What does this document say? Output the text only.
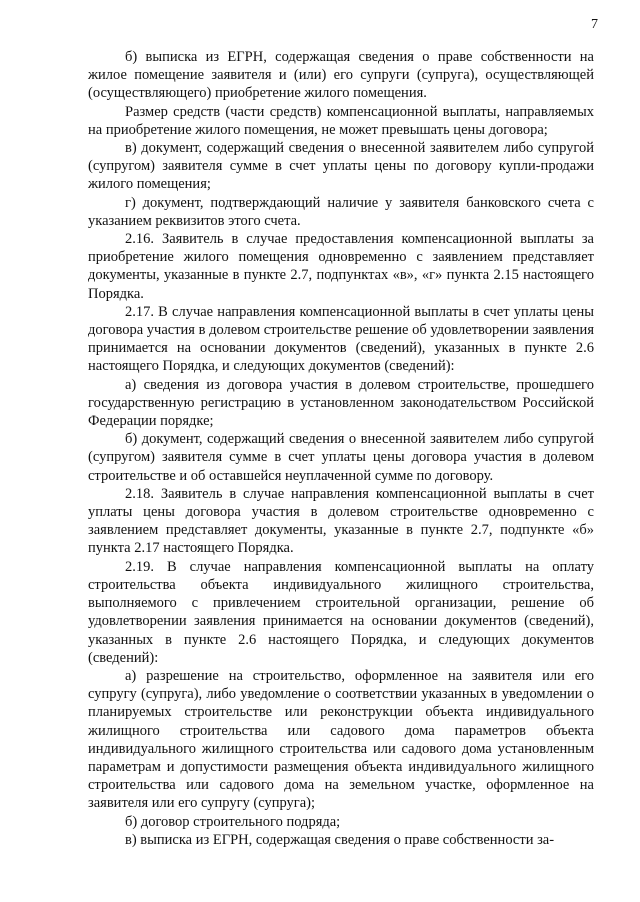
7

б) выписка из ЕГРН, содержащая сведения о праве собственности на жилое помещение заявителя и (или) его супруги (супруга), осуществляющей (осуществляющего) приобретение жилого помещения.

Размер средств (части средств) компенсационной выплаты, направляемых на приобретение жилого помещения, не может превышать цены договора;

в) документ, содержащий сведения о внесенной заявителем либо супругой (супругом) заявителя сумме в счет уплаты цены по договору купли-продажи жилого помещения;

г) документ, подтверждающий наличие у заявителя банковского счета с указанием реквизитов этого счета.

2.16. Заявитель в случае предоставления компенсационной выплаты за приобретение жилого помещения одновременно с заявлением представляет документы, указанные в пункте 2.7, подпунктах «в», «г» пункта 2.15 настоящего Порядка.

2.17. В случае направления компенсационной выплаты в счет уплаты цены договора участия в долевом строительстве решение об удовлетворении заявления принимается на основании документов (сведений), указанных в пункте 2.6 настоящего Порядка, и следующих документов (сведений):

а) сведения из договора участия в долевом строительстве, прошедшего государственную регистрацию в установленном законодательством Российской Федерации порядке;

б) документ, содержащий сведения о внесенной заявителем либо супругой (супругом) заявителя сумме в счет уплаты цены договора участия в долевом строительстве и об оставшейся неуплаченной сумме по договору.

2.18. Заявитель в случае направления компенсационной выплаты в счет уплаты цены договора участия в долевом строительстве одновременно с заявлением представляет документы, указанные в пункте 2.7, подпункте «б» пункта 2.17 настоящего Порядка.

2.19. В случае направления компенсационной выплаты на оплату строительства объекта индивидуального жилищного строительства, выполняемого с привлечением строительной организации, решение об удовлетворении заявления принимается на основании документов (сведений), указанных в пункте 2.6 настоящего Порядка, и следующих документов (сведений):

а) разрешение на строительство, оформленное на заявителя или его супругу (супруга), либо уведомление о соответствии указанных в уведомлении о планируемых строительстве или реконструкции объекта индивидуального жилищного строительства или садового дома параметров объекта индивидуального жилищного строительства или садового дома установленным параметрам и допустимости размещения объекта индивидуального жилищного строительства или садового дома на земельном участке, оформленное на заявителя или его супругу (супруга);

б) договор строительного подряда;

в) выписка из ЕГРН, содержащая сведения о праве собственности за-
